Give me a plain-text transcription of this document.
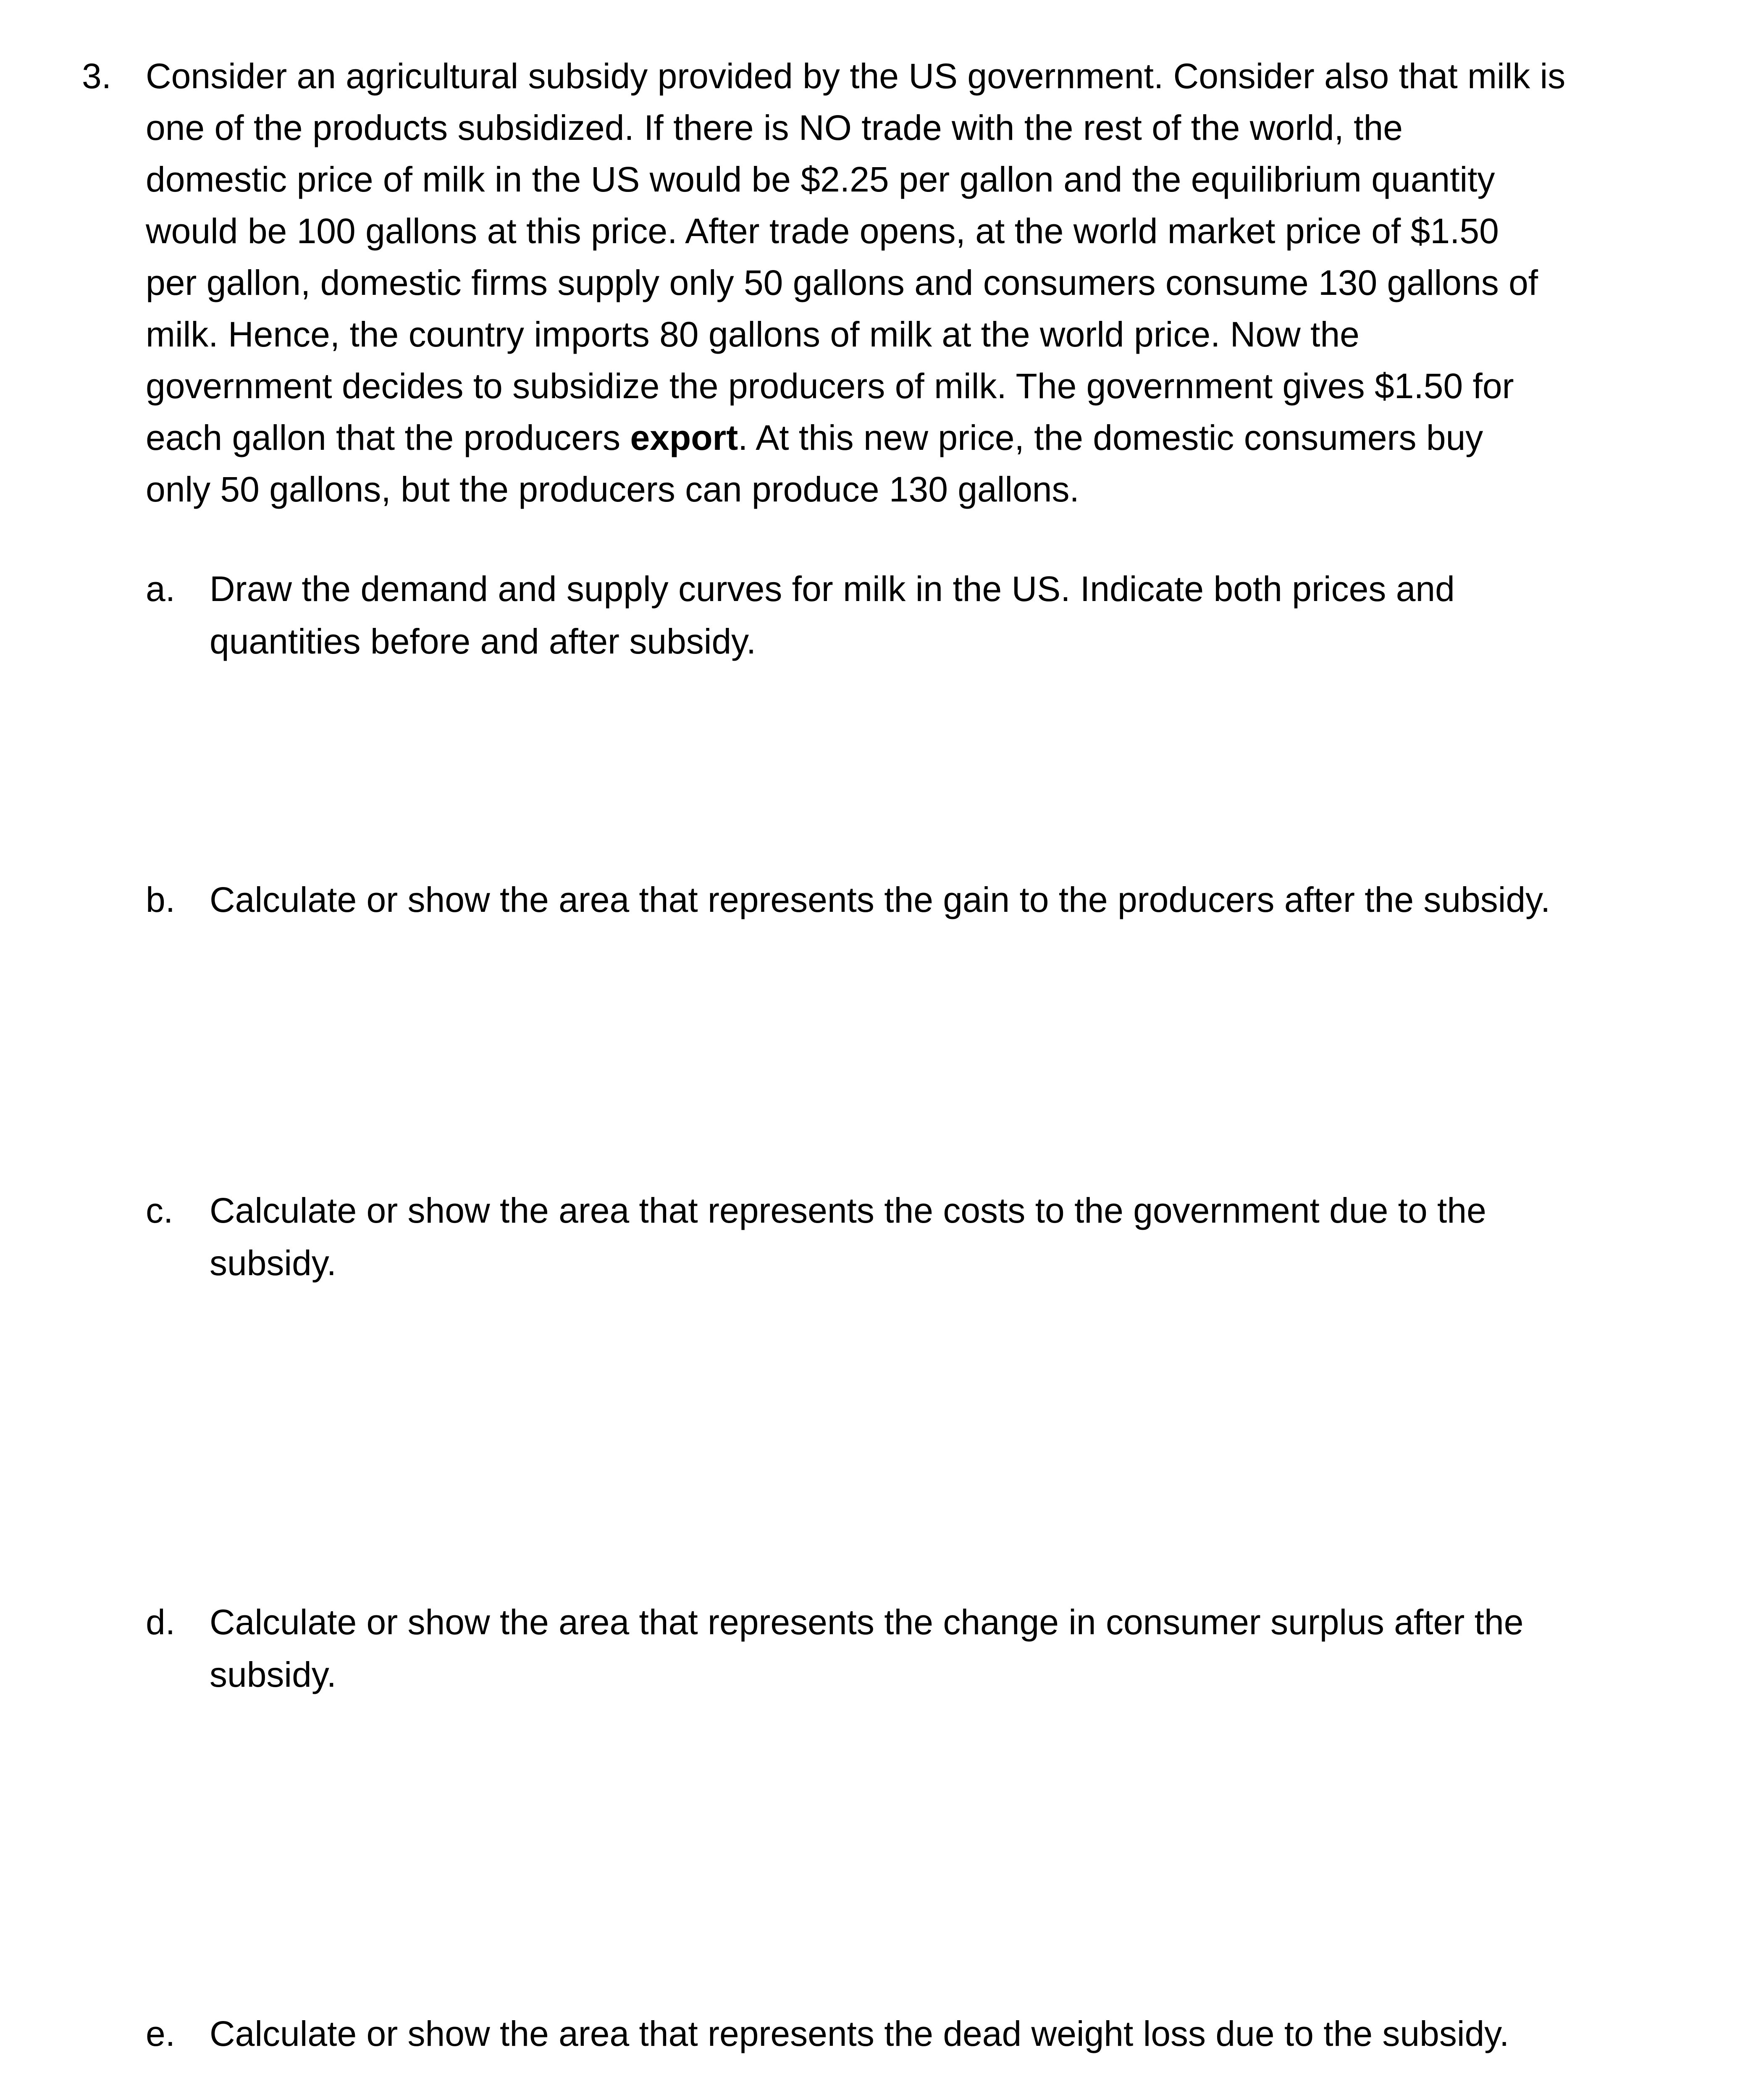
3. Consider an agricultural subsidy provided by the US government. Consider also that milk is
one of the products subsidized. If there is NO trade with the rest of the world, the
domestic price of milk in the US would be $2.25 per gallon and the equilibrium quantity
would be 100 gallons at this price. After trade opens, at the world market price of $1.50
per gallon, domestic firms supply only 50 gallons and consumers consume 130 gallons of
milk. Hence, the country imports 80 gallons of milk at the world price. Now the
government decides to subsidize the producers of milk. The government gives $1.50 for
each gallon that the producers export. At this new price, the domestic consumers buy
only 50 gallons, but the producers can produce 130 gallons.
a. Draw the demand and supply curves for milk in the US. Indicate both prices and
quantities before and after subsidy.
b. Calculate or show the area that represents the gain to the producers after the subsidy.
c.	Calculate or show the area that represents the costs to the government due to the
subsidy.
d. Calculate or show the area that represents the change in consumer surplus after the
subsidy.
e. Calculate or show the area that represents the dead weight loss due to the subsidy.
